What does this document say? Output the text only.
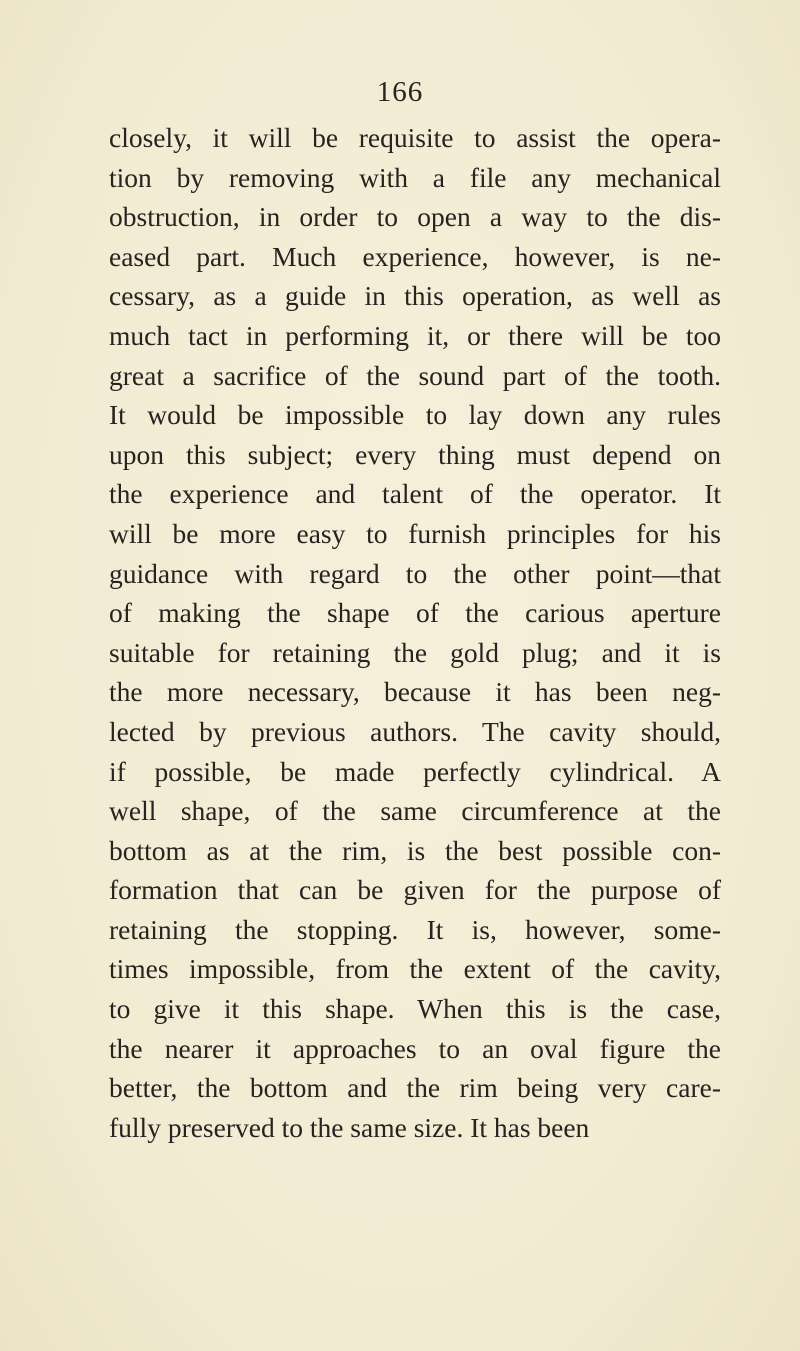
166
closely, it will be requisite to assist the opera-
tion by removing with a file any mechanical
obstruction, in order to open a way to the dis-
eased part. Much experience, however, is ne-
cessary, as a guide in this operation, as well as
much tact in performing it, or there will be too
great a sacrifice of the sound part of the tooth.
It would be impossible to lay down any rules
upon this subject; every thing must depend on
the experience and talent of the operator. It
will be more easy to furnish principles for his
guidance with regard to the other point—that
of making the shape of the carious aperture
suitable for retaining the gold plug; and it is
the more necessary, because it has been neg-
lected by previous authors. The cavity should,
if possible, be made perfectly cylindrical. A
well shape, of the same circumference at the
bottom as at the rim, is the best possible con-
formation that can be given for the purpose of
retaining the stopping. It is, however, some-
times impossible, from the extent of the cavity,
to give it this shape. When this is the case,
the nearer it approaches to an oval figure the
better, the bottom and the rim being very care-
fully preserved to the same size. It has been
